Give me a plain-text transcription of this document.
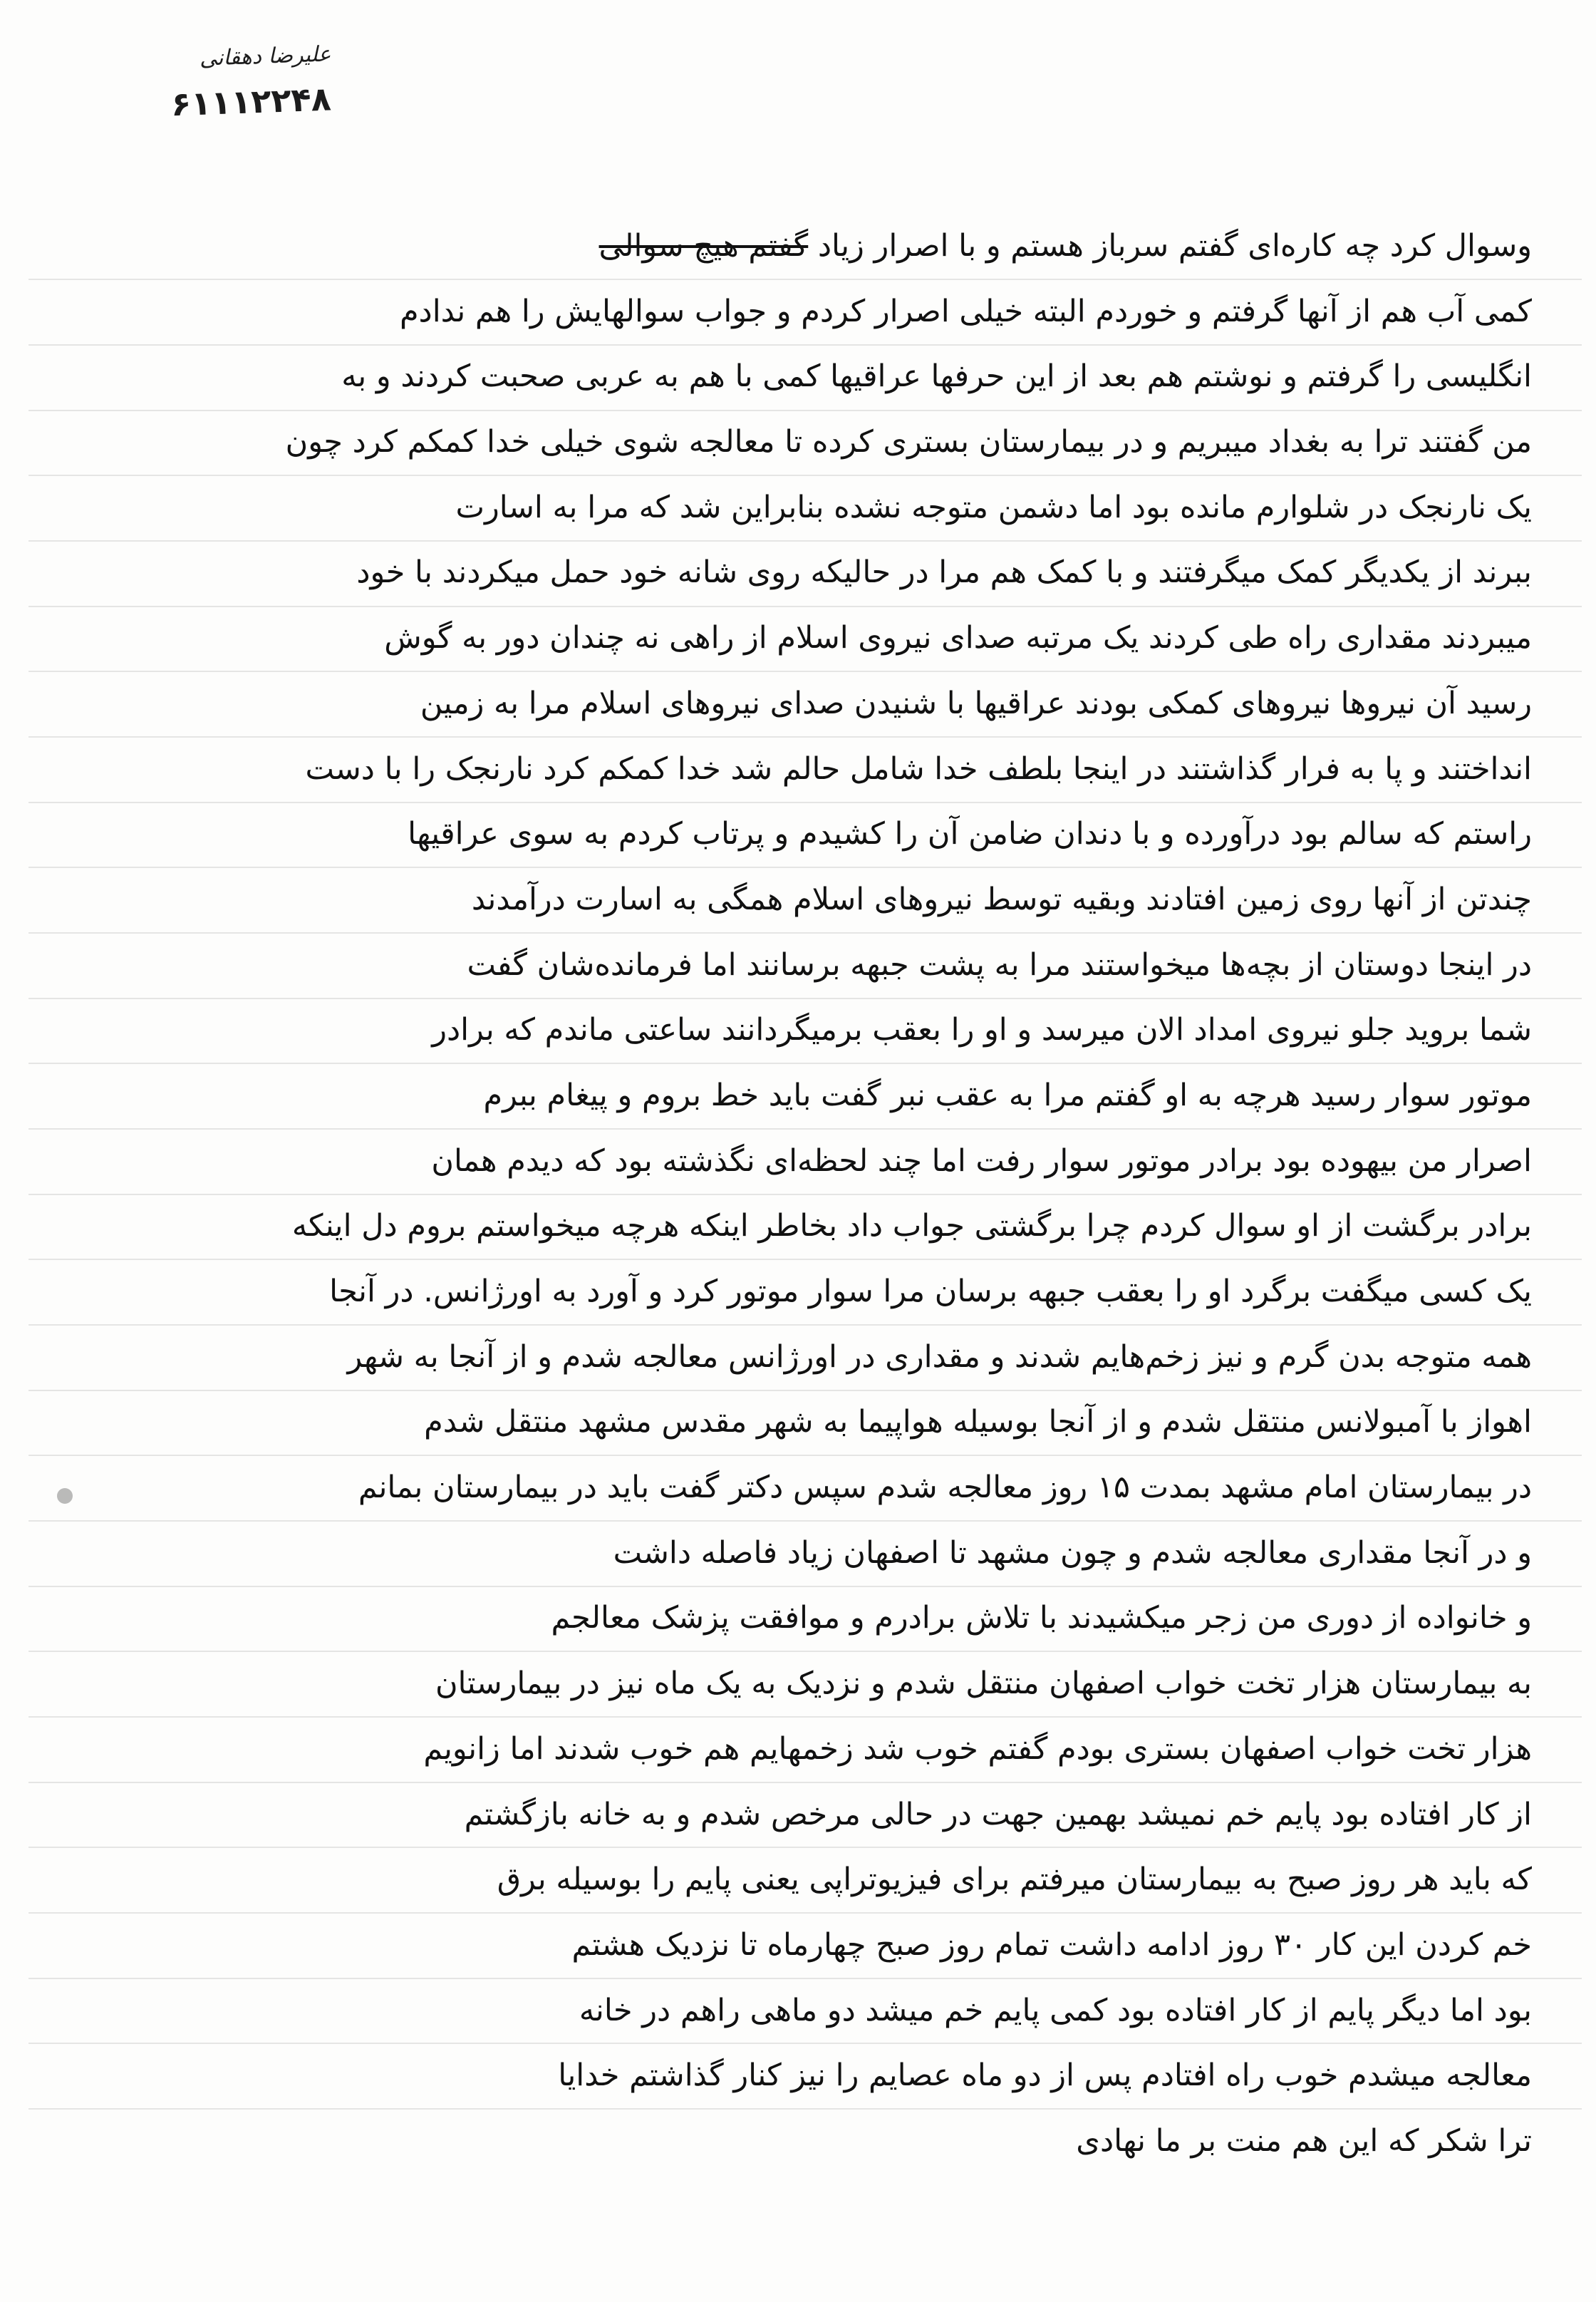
علیرضا دهقانی
۶۱۱۱۲۲۴۸
وسوال کرد چه کاره‌ای گفتم سرباز هستم و با اصرار زیاد گفتم هیچ سوالی
کمی آب هم از آنها گرفتم و خوردم البته خیلی اصرار کردم و جواب سوالهایش را هم ندادم
انگلیسی را گرفتم و نوشتم هم بعد از این حرفها عراقیها کمی با هم به عربی صحبت کردند و به
من گفتند ترا به بغداد میبریم و در بیمارستان بستری کرده تا معالجه شوی خیلی خدا کمکم کرد چون
یک نارنجک در شلوارم مانده بود اما دشمن متوجه نشده بنابراین شد که مرا به اسارت
ببرند از یکدیگر کمک میگرفتند و با کمک هم مرا در حالیکه روی شانه خود حمل میکردند با خود
میبردند مقداری راه طی کردند یک مرتبه صدای نیروی اسلام از راهی نه چندان دور به گوش
رسید آن نیروها نیروهای کمکی بودند عراقیها با شنیدن صدای نیروهای اسلام مرا به زمین
انداختند و پا به فرار گذاشتند در اینجا بلطف خدا شامل حالم شد خدا کمکم کرد نارنجک را با دست
راستم که سالم بود درآورده و با دندان ضامن آن را کشیدم و پرتاب کردم به سوی عراقیها
چندتن از آنها روی زمین افتادند وبقیه توسط نیروهای اسلام همگی به اسارت درآمدند
در اینجا دوستان از بچه‌ها میخواستند مرا به پشت جبهه برسانند اما فرمانده‌شان گفت
شما بروید جلو نیروی امداد الان میرسد و او را بعقب برمیگردانند ساعتی ماندم که برادر
موتور سوار رسید هرچه به او گفتم مرا به عقب نبر گفت باید خط بروم و پیغام ببرم
اصرار من بیهوده بود برادر موتور سوار رفت اما چند لحظه‌ای نگذشته بود که دیدم همان
برادر برگشت از او سوال کردم چرا برگشتی جواب داد بخاطر اینکه هرچه میخواستم بروم دل اینکه
یک کسی میگفت برگرد او را بعقب جبهه برسان مرا سوار موتور کرد و آورد به اورژانس. در آنجا
همه متوجه بدن گرم و نیز زخم‌هایم شدند و مقداری در اورژانس معالجه شدم و از آنجا به شهر
اهواز با آمبولانس منتقل شدم و از آنجا بوسیله هواپیما به شهر مقدس مشهد منتقل شدم
در بیمارستان امام مشهد بمدت ۱۵ روز معالجه شدم سپس دکتر گفت باید در بیمارستان بمانم
و در آنجا مقداری معالجه شدم و چون مشهد تا اصفهان زیاد فاصله داشت
و خانواده از دوری من زجر میکشیدند با تلاش برادرم و موافقت پزشک معالجم
به بیمارستان هزار تخت خواب اصفهان منتقل شدم و نزدیک به یک ماه نیز در بیمارستان
هزار تخت خواب اصفهان بستری بودم گفتم خوب شد زخمهایم هم خوب شدند اما زانویم
از کار افتاده بود پایم خم نمیشد بهمین جهت در حالی مرخص شدم و به خانه بازگشتم
که باید هر روز صبح به بیمارستان میرفتم برای فیزیوتراپی یعنی پایم را بوسیله برق
خم کردن این کار ۳۰ روز ادامه داشت تمام روز صبح چهارماه تا نزدیک هشتم
بود اما دیگر پایم از کار افتاده بود کمی پایم خم میشد دو ماهی راهم در خانه
معالجه میشدم خوب راه افتادم پس از دو ماه عصایم را نیز کنار گذاشتم خدایا
ترا شکر که این هم منت بر ما نهادی
